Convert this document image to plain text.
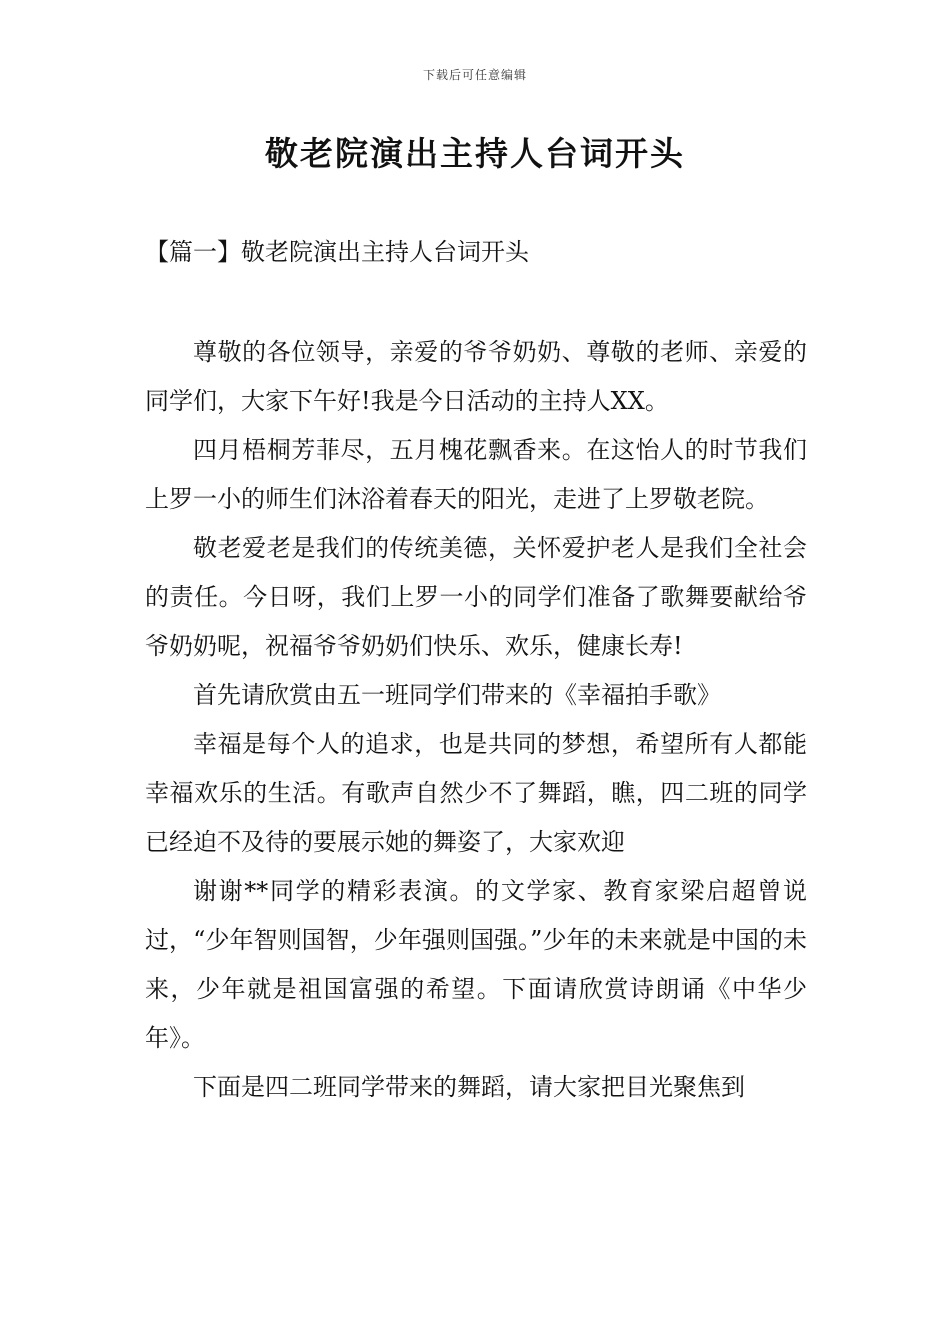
下载后可任意编辑
敬老院演出主持人台词开头
【篇一】敬老院演出主持人台词开头

尊敬的各位领导，亲爱的爷爷奶奶、尊敬的老师、亲爱的同学们，大家下午好!我是今日活动的主持人XX。

四月梧桐芳菲尽，五月槐花飘香来。在这怡人的时节我们上罗一小的师生们沐浴着春天的阳光，走进了上罗敬老院。

敬老爱老是我们的传统美德，关怀爱护老人是我们全社会的责任。今日呀，我们上罗一小的同学们准备了歌舞要献给爷爷奶奶呢，祝福爷爷奶奶们快乐、欢乐，健康长寿!

首先请欣赏由五一班同学们带来的《幸福拍手歌》

幸福是每个人的追求，也是共同的梦想，希望所有人都能幸福欢乐的生活。有歌声自然少不了舞蹈，瞧，四二班的同学已经迫不及待的要展示她的舞姿了，大家欢迎

谢谢**同学的精彩表演。的文学家、教育家梁启超曾说过，“少年智则国智，少年强则国强。”少年的未来就是中国的未来，少年就是祖国富强的希望。下面请欣赏诗朗诵《中华少年》。

下面是四二班同学带来的舞蹈，请大家把目光聚焦到
